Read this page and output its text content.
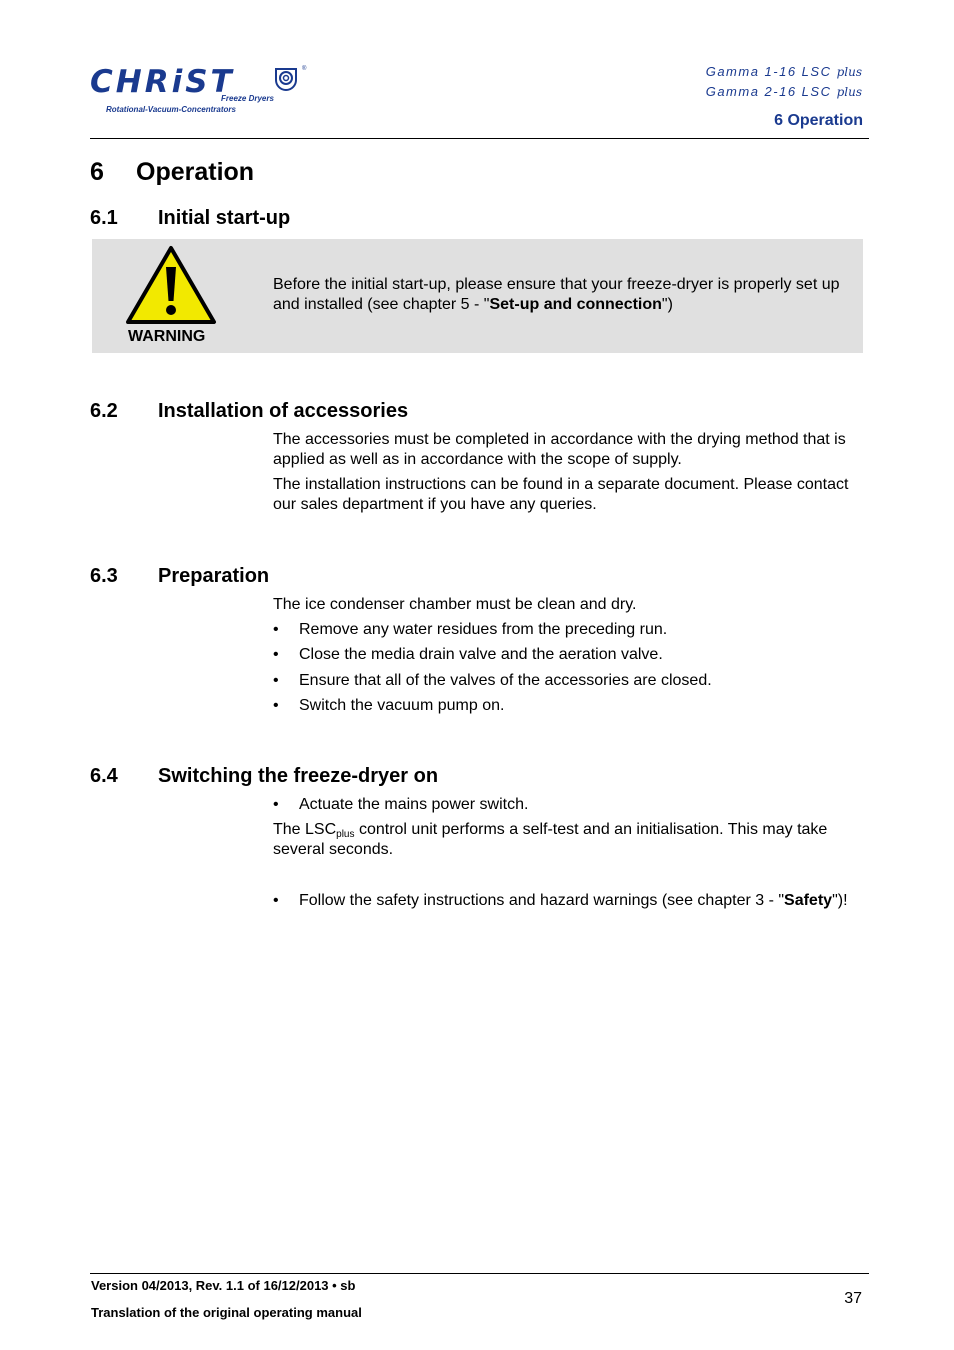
CHRiST	®
Freeze Dryers
Rotational-Vacuum-Concentrators
Gamma 1-16 LSC plus
Gamma 2-16 LSC plus
6 Operation
6 Operation
6.1 Initial start-up
WARNING
Before the initial start-up, please ensure that your freeze-dryer is properly set up and installed (see chapter 5 - "Set-up and connection")
6.2 Installation of accessories
The accessories must be completed in accordance with the drying method that is applied as well as in accordance with the scope of supply.
The installation instructions can be found in a separate document. Please contact our sales department if you have any queries.
6.3 Preparation
The ice condenser chamber must be clean and dry.
•	Remove any water residues from the preceding run.
•	Close the media drain valve and the aeration valve.
•	Ensure that all of the valves of the accessories are closed.
•	Switch the vacuum pump on.
6.4 Switching the freeze-dryer on
•	Actuate the mains power switch.
The $LSC_{plus}$ control unit performs a self-test and an initialisation. This may take several seconds.
•	Follow the safety instructions and hazard warnings (see chapter 3 - "Safety")!
Version 04/2013, Rev. 1.1 of 16/12/2013 • sb
Translation of the original operating manual
37
